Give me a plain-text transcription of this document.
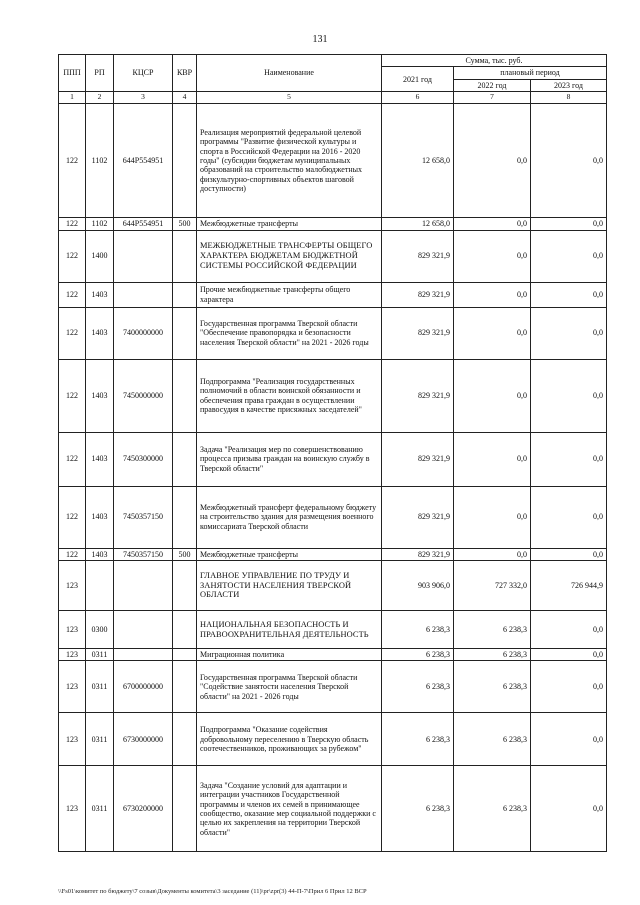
131
ППП	РП	КЦСР	КВР	Наименование	Сумма, тыс. руб.		
					2021 год	плановый период	
						2022 год	2023 год
1	2	3	4	5	6	7	8
122	1102	644P554951		Реализация мероприятий федеральной целевой программы "Развитие физической культуры и спорта в Российской Федерации на 2016 - 2020 годы" (субсидии бюджетам муниципальных образований на строительство малобюджетных физкультурно-спортивных объектов шаговой доступности)	12 658,0	0,0	0,0
122	1102	644P554951	500	Межбюджетные трансферты	12 658,0	0,0	0,0
122	1400			МЕЖБЮДЖЕТНЫЕ ТРАНСФЕРТЫ ОБЩЕГО ХАРАКТЕРА БЮДЖЕТАМ БЮДЖЕТНОЙ СИСТЕМЫ РОССИЙСКОЙ ФЕДЕРАЦИИ	829 321,9	0,0	0,0
122	1403			Прочие межбюджетные трансферты общего характера	829 321,9	0,0	0,0
122	1403	7400000000		Государственная программа Тверской области "Обеспечение правопорядка и безопасности населения Тверской области" на 2021 - 2026 годы	829 321,9	0,0	0,0
122	1403	7450000000		Подпрограмма "Реализация государственных полномочий в области воинской обязанности и обеспечения права граждан в осуществлении правосудия в качестве присяжных заседателей"	829 321,9	0,0	0,0
122	1403	7450300000		Задача "Реализация мер по совершенствованию процесса призыва граждан на воинскую службу в Тверской области"	829 321,9	0,0	0,0
122	1403	7450357150		Межбюджетный трансферт федеральному бюджету на строительство здания для размещения военного комиссариата Тверской области	829 321,9	0,0	0,0
122	1403	7450357150	500	Межбюджетные трансферты	829 321,9	0,0	0,0
123				ГЛАВНОЕ УПРАВЛЕНИЕ ПО ТРУДУ И ЗАНЯТОСТИ НАСЕЛЕНИЯ ТВЕРСКОЙ ОБЛАСТИ	903 906,0	727 332,0	726 944,9
123	0300			НАЦИОНАЛЬНАЯ БЕЗОПАСНОСТЬ И ПРАВООХРАНИТЕЛЬНАЯ ДЕЯТЕЛЬНОСТЬ	6 238,3	6 238,3	0,0
123	0311			Миграционная политика	6 238,3	6 238,3	0,0
123	0311	6700000000		Государственная программа Тверской области "Содействие занятости населения Тверской области" на 2021 - 2026 годы	6 238,3	6 238,3	0,0
123	0311	6730000000		Подпрограмма "Оказание содействия добровольному переселению в Тверскую область соотечественников, проживающих за рубежом"	6 238,3	6 238,3	0,0
123	0311	6730200000		Задача "Создание условий для адаптации и интеграции участников Государственной программы и членов их семей в принимающее сообщество, оказание мер социальной поддержки с целью их закрепления на территории Тверской области"	6 238,3	6 238,3	0,0
\\Fs01\комитет по бюджету\7 созыв\Документы комитета\3 заседание (11)\pr\zpr(3) 44-П-7\Прил 6 Прил 12 ВСР
